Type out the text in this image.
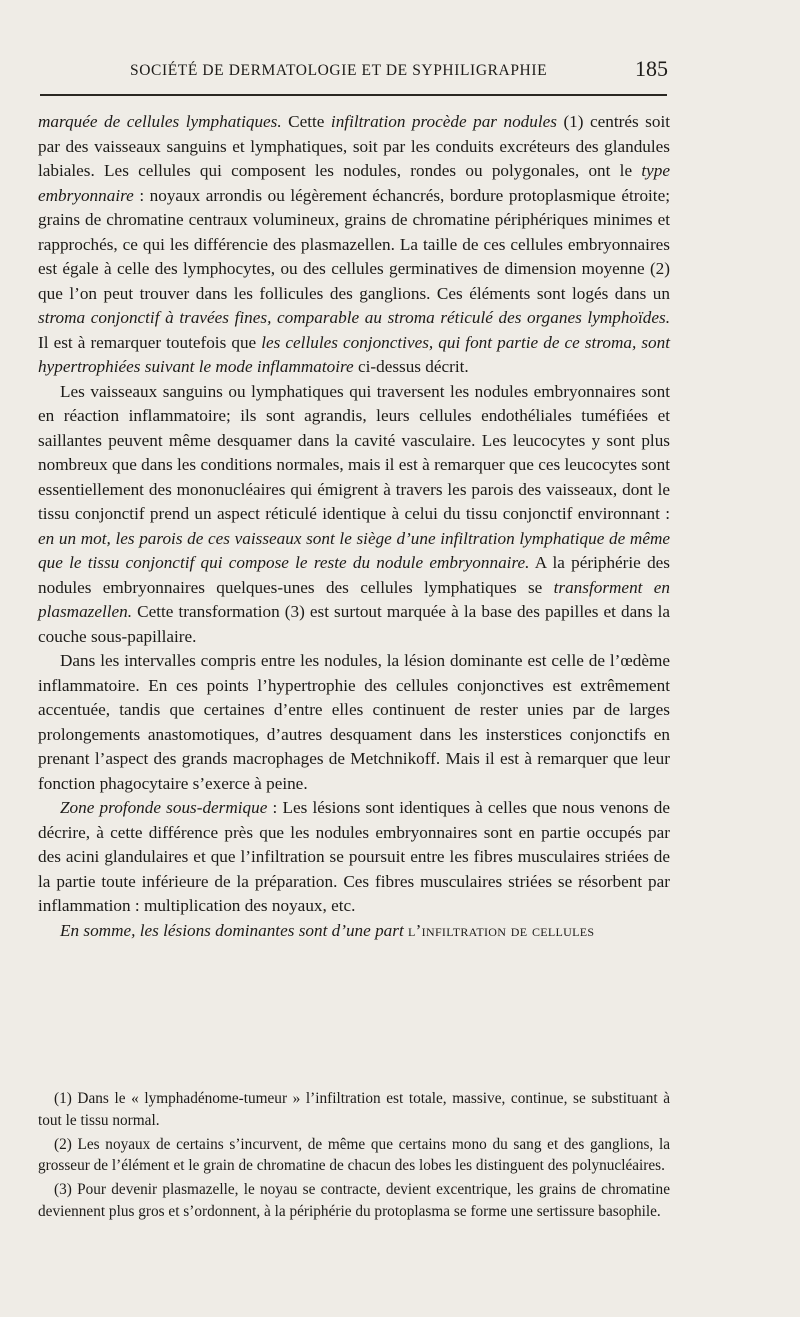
SOCIÉTÉ DE DERMATOLOGIE ET DE SYPHILIGRAPHIE	185

marquée de cellules lymphatiques. Cette infiltration procède par nodules (1) centrés soit par des vaisseaux sanguins et lymphatiques, soit par les conduits excréteurs des glandules labiales. Les cellules qui composent les nodules, rondes ou polygonales, ont le type embryonnaire : noyaux arrondis ou légèrement échancrés, bordure protoplasmique étroite; grains de chromatine centraux volumineux, grains de chromatine périphériques minimes et rapprochés, ce qui les différencie des plasmazellen. La taille de ces cellules embryonnaires est égale à celle des lymphocytes, ou des cellules germinatives de dimension moyenne (2) que l’on peut trouver dans les follicules des ganglions. Ces éléments sont logés dans un stroma conjonctif à travées fines, comparable au stroma réticulé des organes lymphoïdes. Il est à remarquer toutefois que les cellules conjonctives, qui font partie de ce stroma, sont hypertrophiées suivant le mode inflammatoire ci-dessus décrit.

Les vaisseaux sanguins ou lymphatiques qui traversent les nodules embryonnaires sont en réaction inflammatoire; ils sont agrandis, leurs cellules endothéliales tuméfiées et saillantes peuvent même desquamer dans la cavité vasculaire. Les leucocytes y sont plus nombreux que dans les conditions normales, mais il est à remarquer que ces leucocytes sont essentiellement des mononucléaires qui émigrent à travers les parois des vaisseaux, dont le tissu conjonctif prend un aspect réticulé identique à celui du tissu conjonctif environnant : en un mot, les parois de ces vaisseaux sont le siège d’une infiltration lymphatique de même que le tissu conjonctif qui compose le reste du nodule embryonnaire. A la périphérie des nodules embryonnaires quelques-unes des cellules lymphatiques se transforment en plasmazellen. Cette transformation (3) est surtout marquée à la base des papilles et dans la couche sous-papillaire.

Dans les intervalles compris entre les nodules, la lésion dominante est celle de l’œdème inflammatoire. En ces points l’hypertrophie des cellules conjonctives est extrêmement accentuée, tandis que certaines d’entre elles continuent de rester unies par de larges prolongements anastomotiques, d’autres desquament dans les insterstices conjonctifs en prenant l’aspect des grands macrophages de Metchnikoff. Mais il est à remarquer que leur fonction phagocytaire s’exerce à peine.

Zone profonde sous-dermique : Les lésions sont identiques à celles que nous venons de décrire, à cette différence près que les nodules embryonnaires sont en partie occupés par des acini glandulaires et que l’infiltration se poursuit entre les fibres musculaires striées de la partie toute inférieure de la préparation. Ces fibres musculaires striées se résorbent par inflammation : multiplication des noyaux, etc.

En somme, les lésions dominantes sont d’une part l’infiltration de cellules

(1) Dans le « lymphadénome-tumeur » l’infiltration est totale, massive, continue, se substituant à tout le tissu normal.

(2) Les noyaux de certains s’incurvent, de même que certains mono du sang et des ganglions, la grosseur de l’élément et le grain de chromatine de chacun des lobes les distinguent des polynucléaires.

(3) Pour devenir plasmazelle, le noyau se contracte, devient excentrique, les grains de chromatine deviennent plus gros et s’ordonnent, à la périphérie du protoplasma se forme une sertissure basophile.
